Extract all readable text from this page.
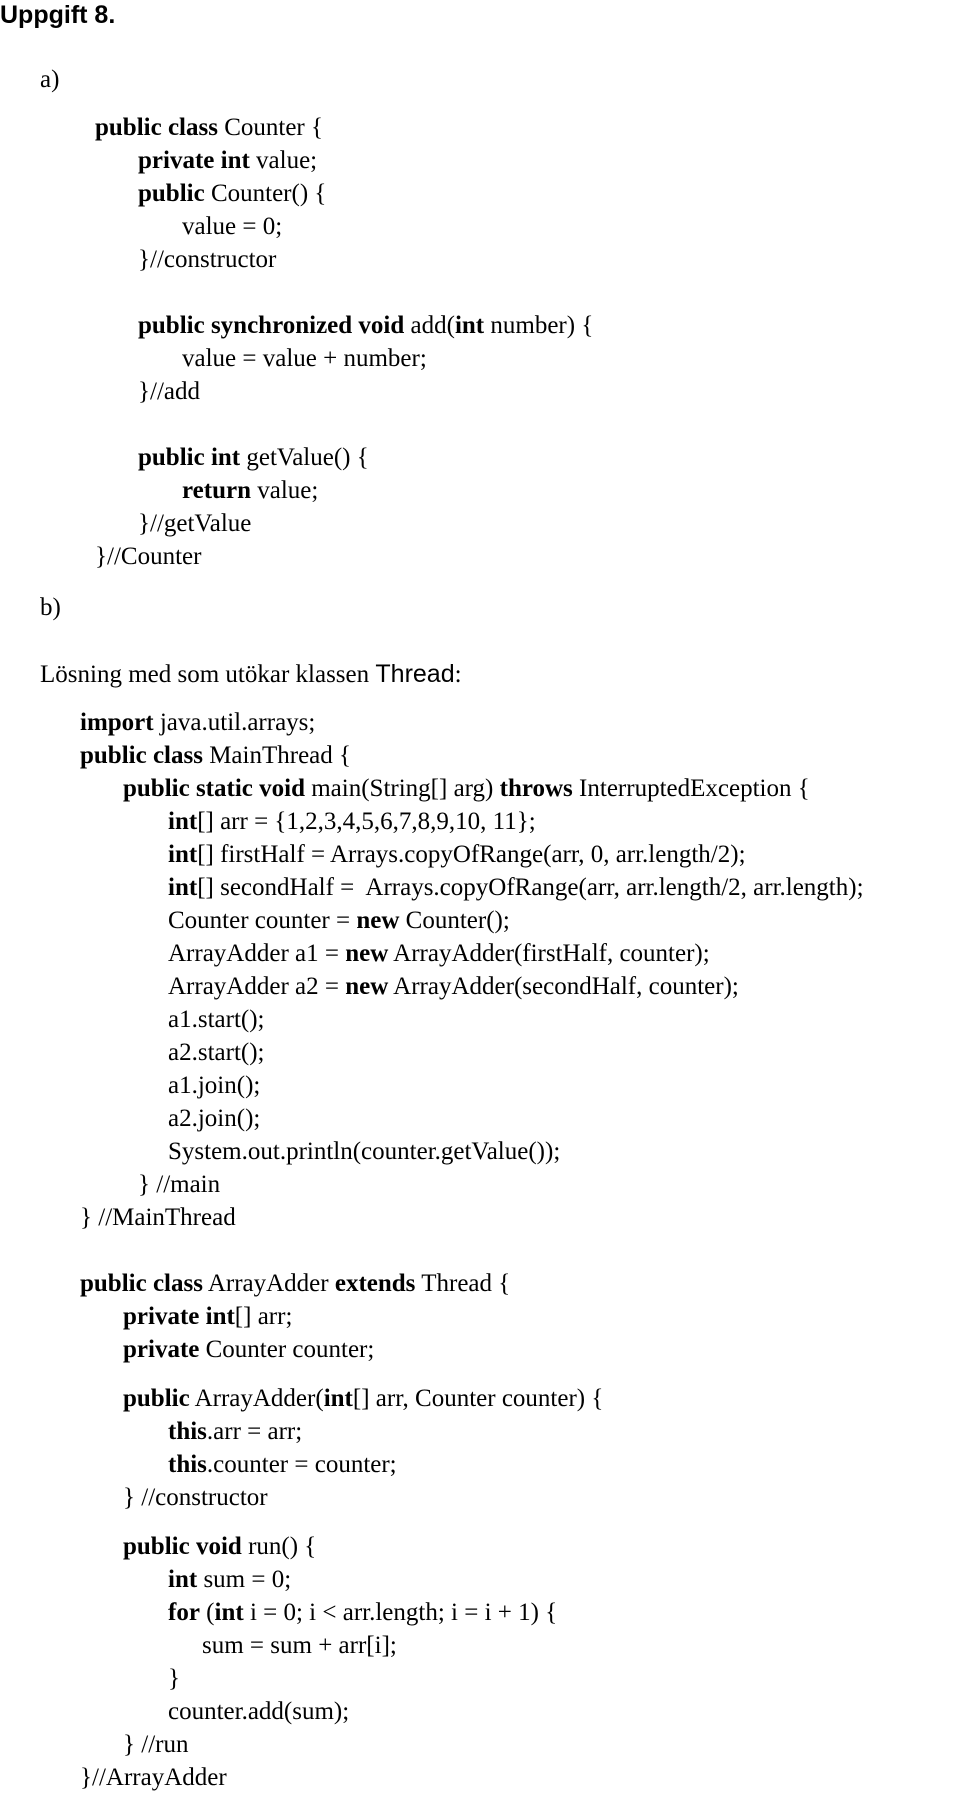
Uppgift 8.
a)
b)
public class Counter {
private int value;
public Counter() {
value = 0;
}//constructor
public synchronized void add(int number) {
value = value + number;
}//add
public int getValue() {
return value;
}//getValue
}//Counter
Lösning med som utökar klassen Thread:
import java.util.arrays;
public class MainThread {
public static void main(String[] arg) throws InterruptedException {
int[] arr = {1,2,3,4,5,6,7,8,9,10, 11};
int[] firstHalf = Arrays.copyOfRange(arr, 0, arr.length/2);
int[] secondHalf =  Arrays.copyOfRange(arr, arr.length/2, arr.length);
Counter counter = new Counter();
ArrayAdder a1 = new ArrayAdder(firstHalf, counter);
ArrayAdder a2 = new ArrayAdder(secondHalf, counter);
a1.start();
a2.start();
a1.join();
a2.join();
System.out.println(counter.getValue());
} //main
} //MainThread
public class ArrayAdder extends Thread {
private int[] arr;
private Counter counter;
public ArrayAdder(int[] arr, Counter counter) {
this.arr = arr;
this.counter = counter;
} //constructor
public void run() {
int sum = 0;
for (int i = 0; i < arr.length; i = i + 1) {
sum = sum + arr[i];
}
counter.add(sum);
} //run
}//ArrayAdder
